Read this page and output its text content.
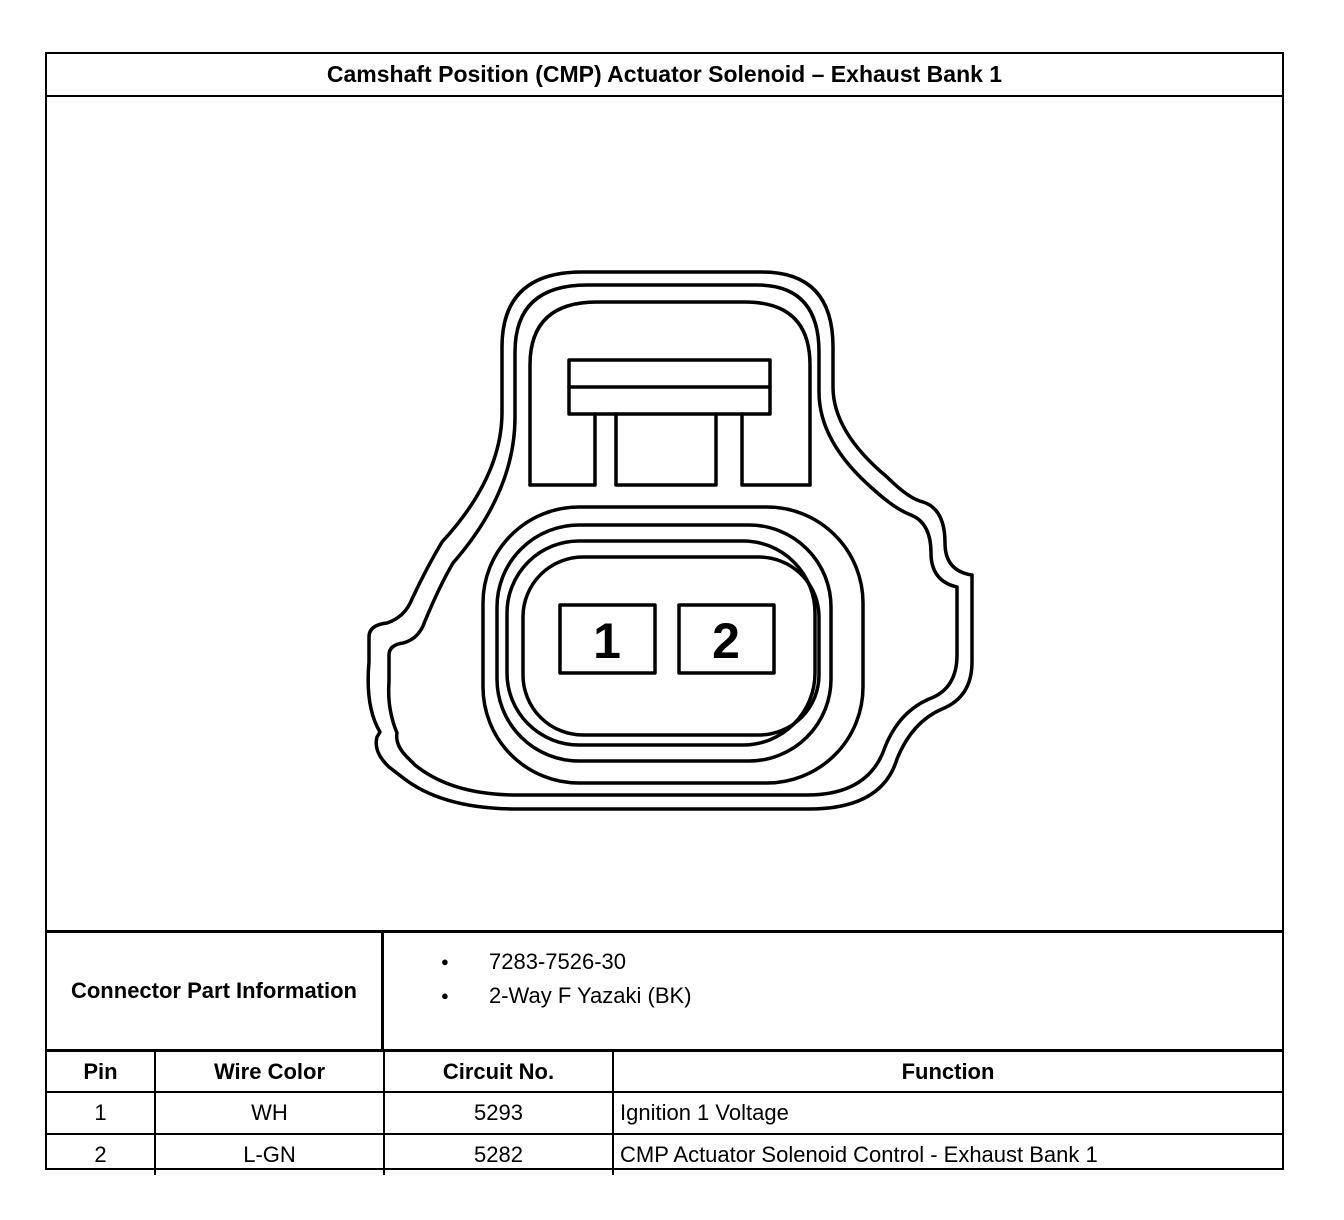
Camshaft Position (CMP) Actuator Solenoid – Exhaust Bank 1
1 2
Connector Part Information
● 7283-7526-30
● 2-Way F Yazaki (BK)
Pin	Wire Color	Circuit No.	Function
1	WH	5293	Ignition 1 Voltage
2	L-GN	5282	CMP Actuator Solenoid Control - Exhaust Bank 1
